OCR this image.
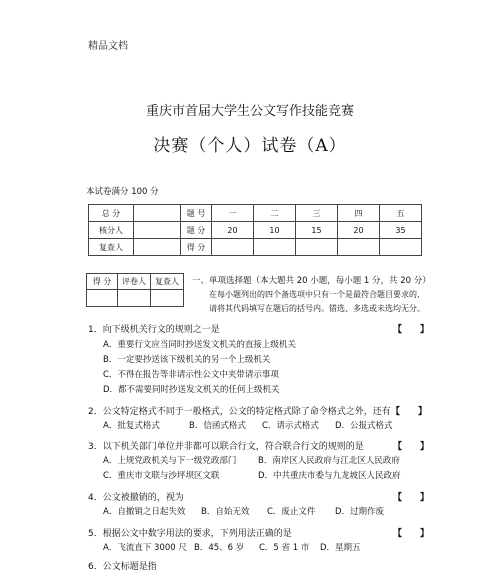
精品文档
重庆市首届大学生公文写作技能竞赛
决赛（个人）试卷（A）
本试卷满分 100 分
总 分		题 号	一	二	三	四	五
核分人		题 分	20	10	15	20	35
复查人		得 分					
得 分	评卷人	复查人
		一、单项选择题（本大题共 20 小题，每小题 1 分，共 20 分）
在每小题列出的四个备选项中只有一个是最符合题目要求的,
请将其代码填写在题后的括号内。错选、多选或未选均无分。
1．向下级机关行文的规则之一是	【　　】
A．重要行文应当同时抄送发文机关的直接上级机关
B．一定要抄送该下级机关的另一个上级机关
C．不得在报告等非请示性公文中夹带请示事项
D．都不需要同时抄送发文机关的任何上级机关
2．公文特定格式不同于一般格式，公文的特定格式除了命令格式之外，还有 【　　】
A．批复式格式	B．信函式格式 C．请示式格式 D．公报式格式
3．以下机关部门单位并非都可以联合行文，符合联合行文的规则的是	【　　】
A．上规党政机关与下一级党政部门	B．南岸区人民政府与江北区人民政府
C．重庆市文联与沙坪坝区文联	D．中共重庆市委与九龙坡区人民政府
4．公文被撤销的，视为	【　　】
A．自撤销之日起失效 B．自始无效 C．废止文件 D．过期作废
5．根据公文中数字用法的要求，下列用法正确的是	【　　】
A．飞流直下 3000 尺 B．45、6 岁 C．5 省 1 市 D．星期五
6．公文标题是指
